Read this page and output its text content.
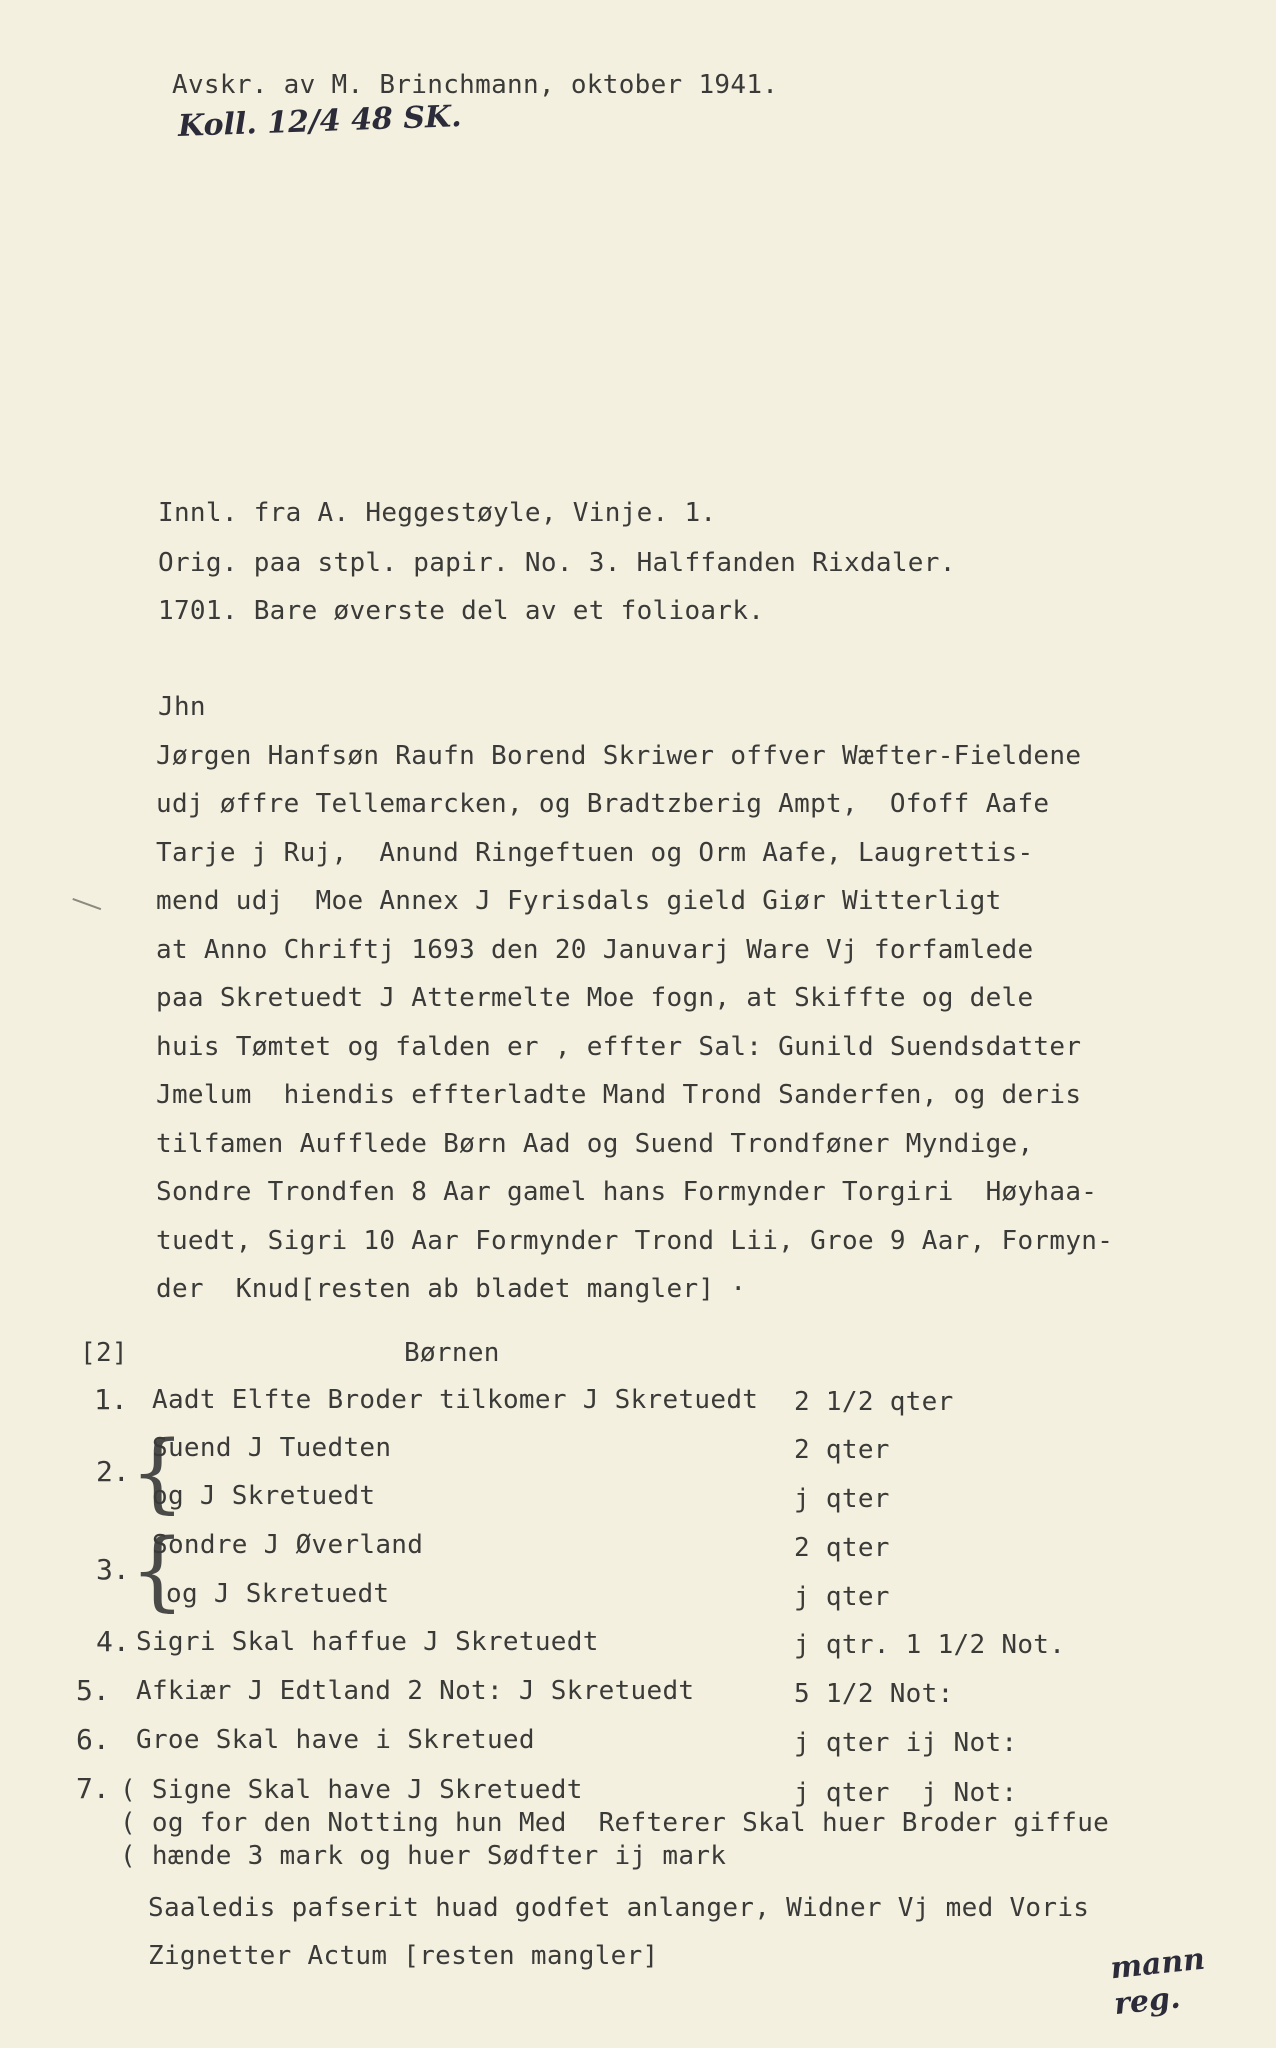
Avskr. av M. Brinchmann, oktober 1941.
Koll. 12/4 48 SK.
Innl. fra A. Heggestøyle, Vinje. 1.
Orig. paa stpl. papir. No. 3. Halffanden Rixdaler.
1701. Bare øverste del av et folioark.
Jhn
Jørgen Hanfsøn Raufn Borend Skriwer offver Wæfter-Fieldene
udj øffre Tellemarcken, og Bradtzberig Ampt,  Ofoff Aafe
Tarje j Ruj,  Anund Ringeftuen og Orm Aafe, Laugrettis-
mend udj  Moe Annex J Fyrisdals gield Giør Witterligt
at Anno Chriftj 1693 den 20 Januvarj Ware Vj forfamlede
paa Skretuedt J Attermelte Moe fogn, at Skiffte og dele
huis Tømtet og falden er , effter Sal: Gunild Suendsdatter
Jmelum  hiendis effterladte Mand Trond Sanderfen, og deris
tilfamen Aufflede Børn Aad og Suend Trondføner Myndige,
Sondre Trondfen 8 Aar gamel hans Formynder Torgiri  Høyhaa-
tuedt, Sigri 10 Aar Formynder Trond Lii, Groe 9 Aar, Formyn-
der  Knud[resten ab bladet mangler] ·
[2]	Børnen
1. Aadt Elfte Broder tilkomer J Skretuedt 2 1/2 qter
2. {
Suend J Tuedten	2 qter
og J Skretuedt	j qter
3. {
Sondre J Øverland	2 qter
og J Skretuedt	j qter
4. Sigri Skal haffue J Skretuedt	j qtr. 1 1/2 Not.
5. Afkiær J Edtland 2 Not: J Skretuedt	5 1/2 Not:
6. Groe Skal have i Skretued	j qter ij Not:
7. ( Signe Skal have J Skretuedt	j qter  j Not:
( og for den Notting hun Med  Refterer Skal huer Broder giffue
( hænde 3 mark og huer Sødfter ij mark
Saaledis pafserit huad godfet anlanger, Widner Vj med Voris
Zignetter Actum [resten mangler]	mann reg.
